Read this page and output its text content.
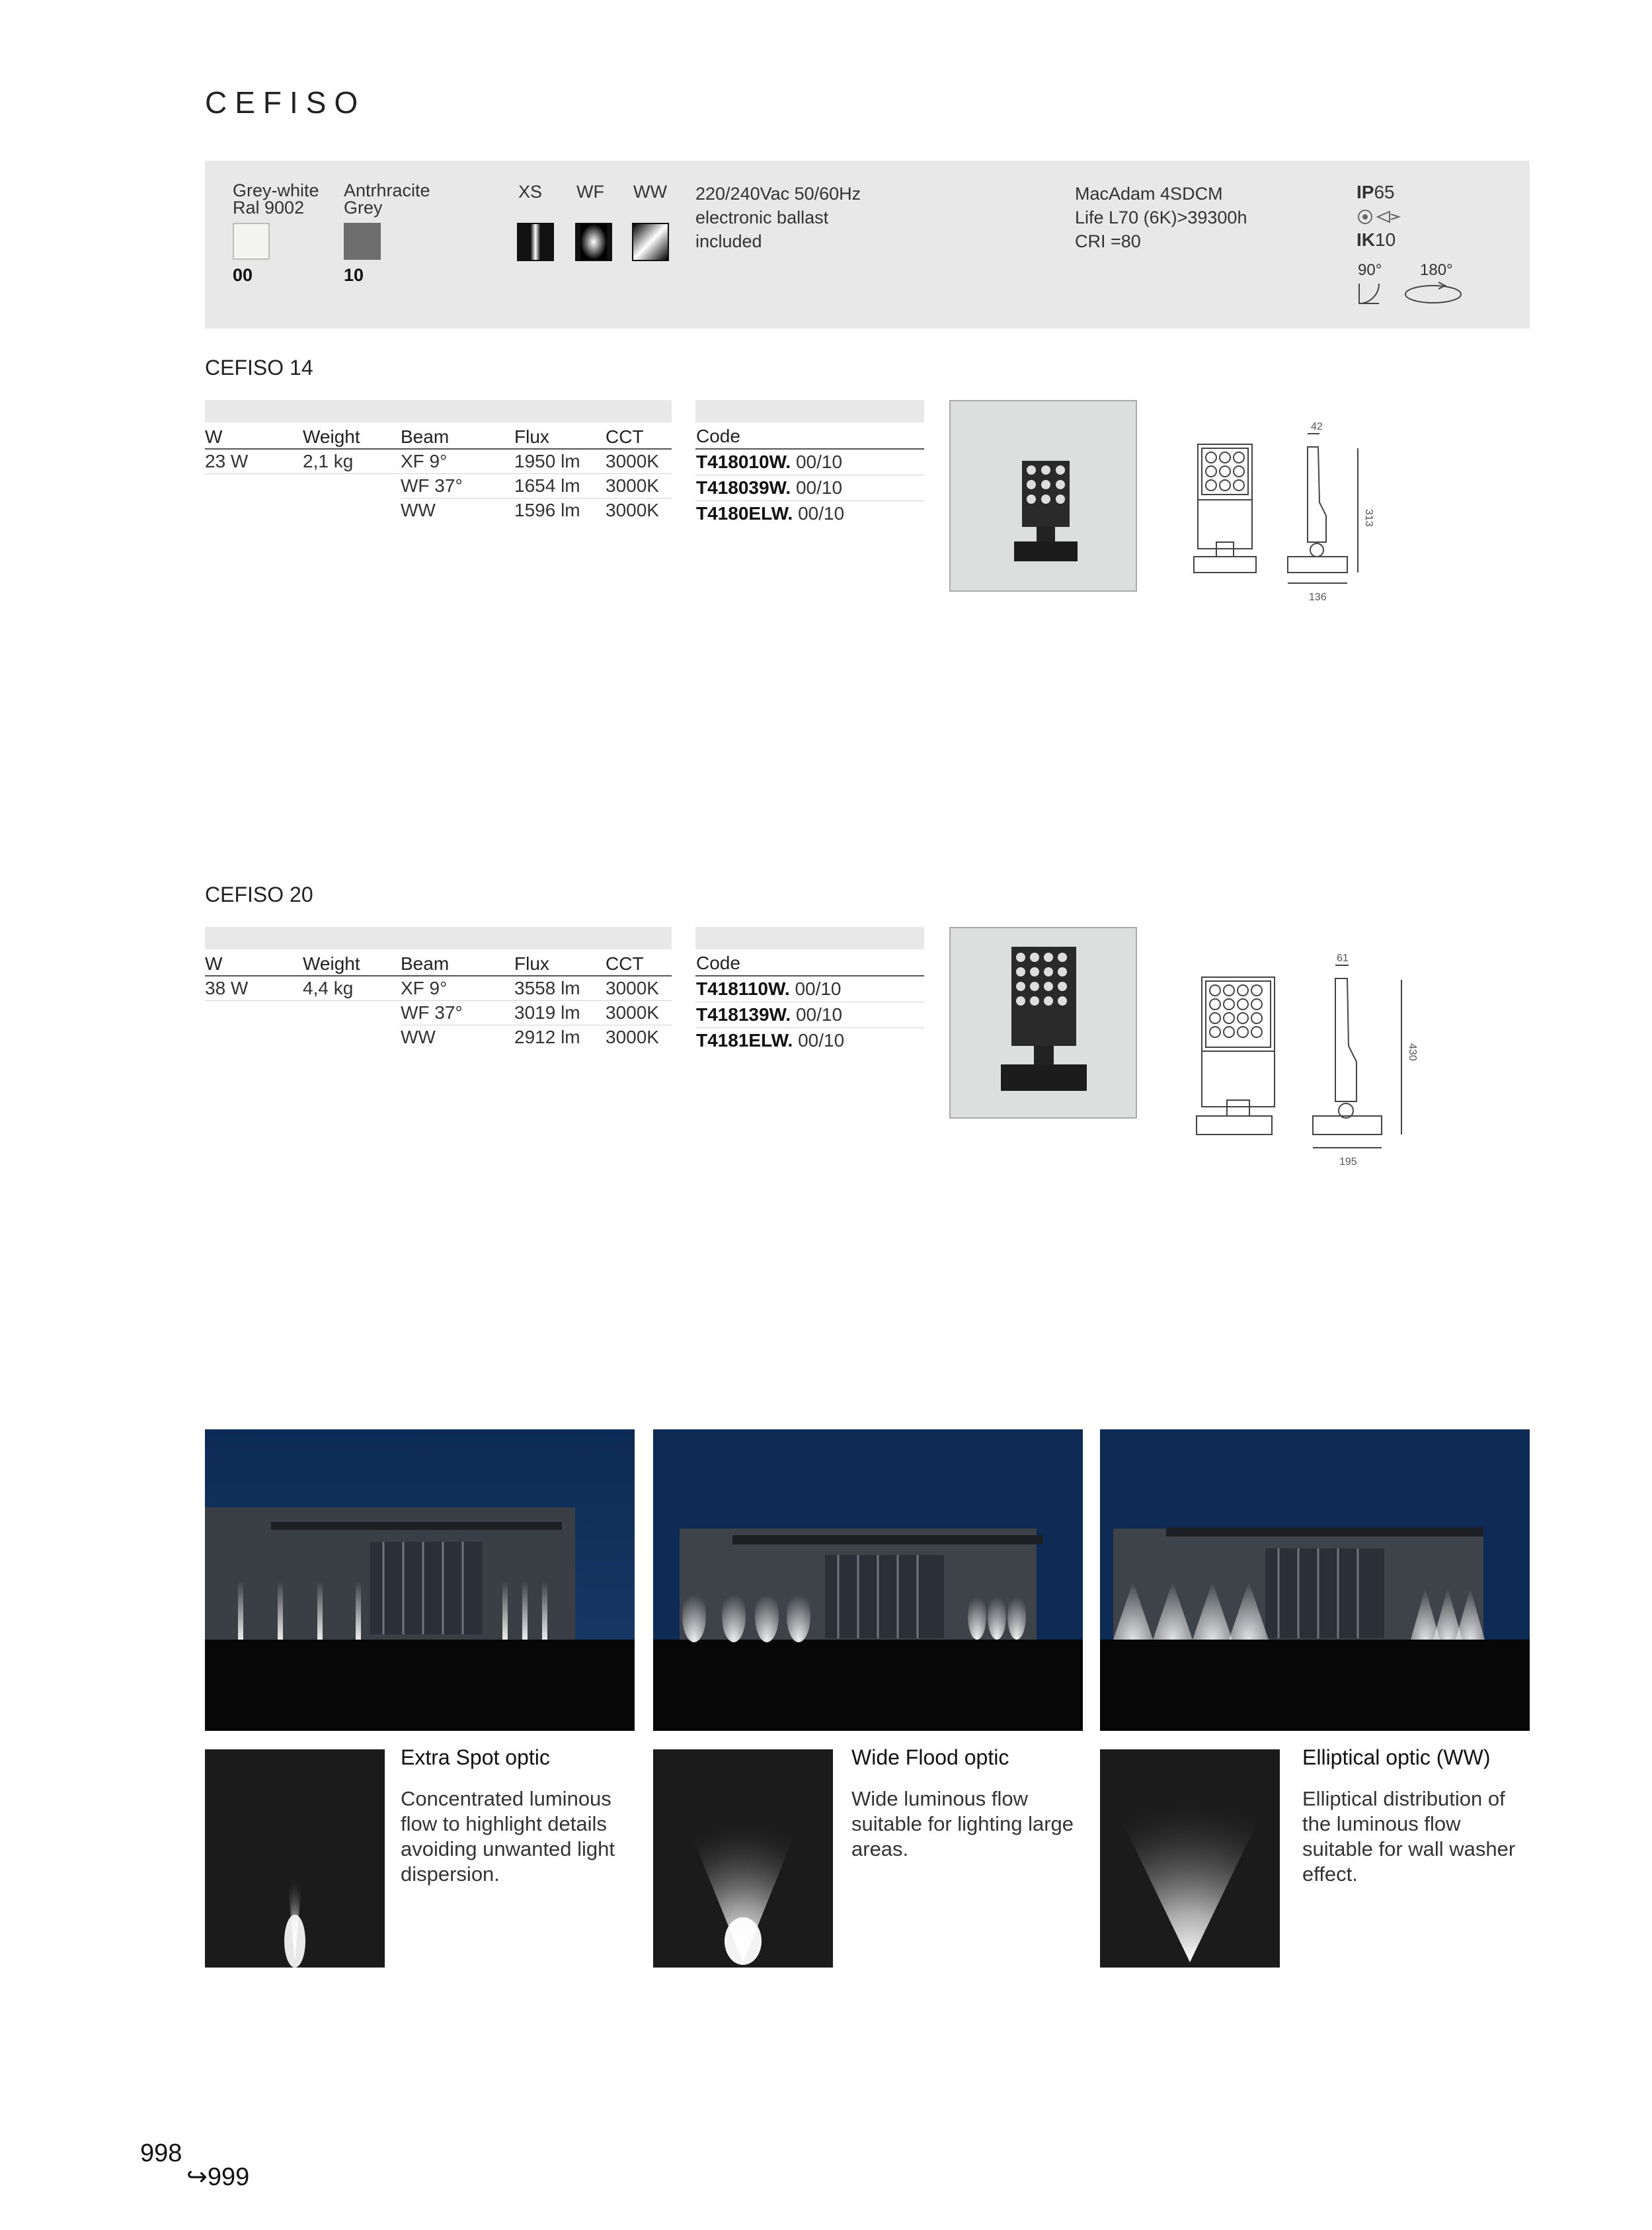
CEFISO
Grey-white
Ral 9002
00
Antrhracite
Grey
10
XS WF WW 220/240Vac 50/60Hz
electronic ballast
included
MacAdam 4SDCM
Life L70 (6K)>39300h
CRI =80
IP65
IK10
90° 180°
CEFISO 14
W	Weight	Beam	Flux	CCT
23 W	2,1 kg	XF 9°	1950 lm	3000K
		WF 37°	1654 lm	3000K
		WW	1596 lm	3000K
Code
T418010W. 00/10
T418039W. 00/10
T4180ELW. 00/10
42
313
136
CEFISO 20
W	Weight	Beam	Flux	CCT
38 W	4,4 kg	XF 9°	3558 lm	3000K
		WF 37°	3019 lm	3000K
		WW	2912 lm	3000K
Code
T418110W. 00/10
T418139W. 00/10
T4181ELW. 00/10
61
430
195
Extra Spot optic
Concentrated luminous flow to highlight details avoiding unwanted light dispersion.
Wide Flood optic
Wide luminous flow suitable for lighting large areas.
Elliptical optic (WW)
Elliptical distribution of the luminous flow suitable for wall washer effect.
998
↪999
